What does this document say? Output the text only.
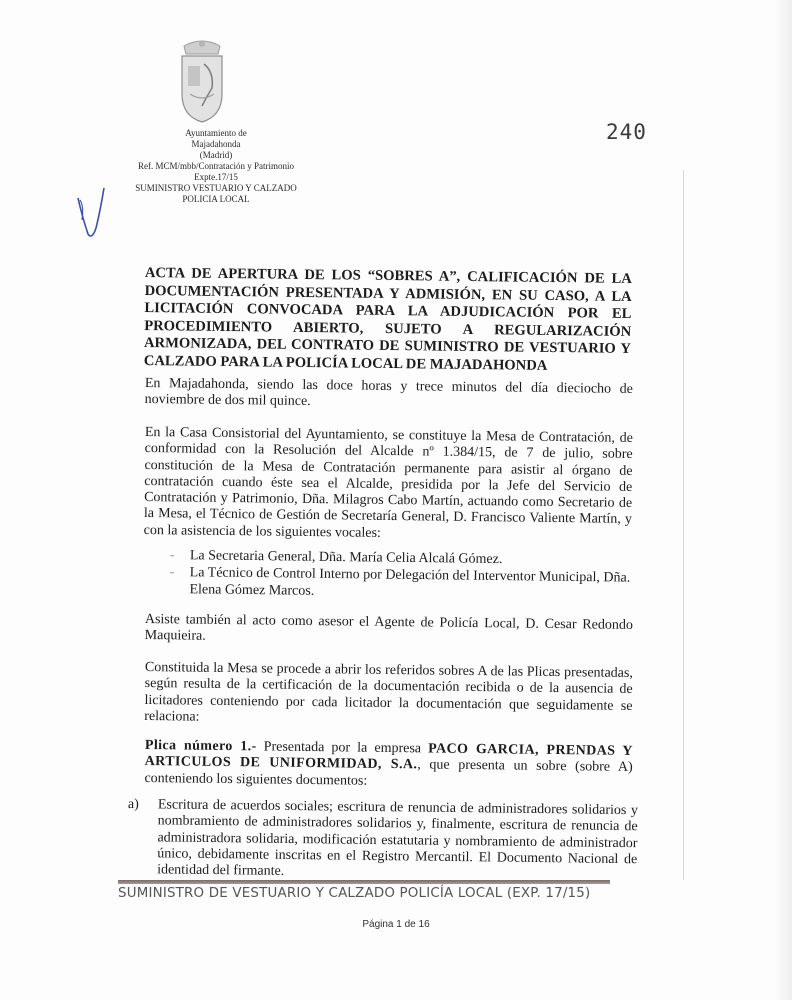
Ayuntamiento de
Majadahonda
(Madrid)
Ref. MCM/mbb/Contratación y Patrimonio
Expte.17/15
SUMINISTRO VESTUARIO Y CALZADO
POLICIA LOCAL
240
ACTA DE APERTURA DE LOS “SOBRES A”, CALIFICACIÓN DE LA DOCUMENTACIÓN PRESENTADA Y ADMISIÓN, EN SU CASO, A LA LICITACIÓN CONVOCADA PARA LA ADJUDICACIÓN POR EL PROCEDIMIENTO ABIERTO, SUJETO A REGULARIZACIÓN ARMONIZADA, DEL CONTRATO DE SUMINISTRO DE VESTUARIO Y CALZADO PARA LA POLICÍA LOCAL DE MAJADAHONDA
En Majadahonda, siendo las doce horas y trece minutos del día dieciocho de noviembre de dos mil quince.
En la Casa Consistorial del Ayuntamiento, se constituye la Mesa de Contratación, de conformidad con la Resolución del Alcalde nº 1.384/15, de 7 de julio, sobre constitución de la Mesa de Contratación permanente para asistir al órgano de contratación cuando éste sea el Alcalde, presidida por la Jefe del Servicio de Contratación y Patrimonio, Dña. Milagros Cabo Martín, actuando como Secretario de la Mesa, el Técnico de Gestión de Secretaría General, D. Francisco Valiente Martín, y con la asistencia de los siguientes vocales:
- La Secretaria General, Dña. María Celia Alcalá Gómez.
- La Técnico de Control Interno por Delegación del Interventor Municipal, Dña. Elena Gómez Marcos.
Asiste también al acto como asesor el Agente de Policía Local, D. Cesar Redondo Maquieira.
Constituida la Mesa se procede a abrir los referidos sobres A de las Plicas presentadas, según resulta de la certificación de la documentación recibida o de la ausencia de licitadores conteniendo por cada licitador la documentación que seguidamente se relaciona:
Plica número 1.- Presentada por la empresa PACO GARCIA, PRENDAS Y ARTICULOS DE UNIFORMIDAD, S.A., que presenta un sobre (sobre A) conteniendo los siguientes documentos:
a) Escritura de acuerdos sociales; escritura de renuncia de administradores solidarios y nombramiento de administradores solidarios y, finalmente, escritura de renuncia de administradora solidaria, modificación estatutaria y nombramiento de administrador único, debidamente inscritas en el Registro Mercantil. El Documento Nacional de identidad del firmante.
SUMINISTRO DE VESTUARIO Y CALZADO POLICÍA LOCAL (EXP. 17/15)
Página 1 de 16
